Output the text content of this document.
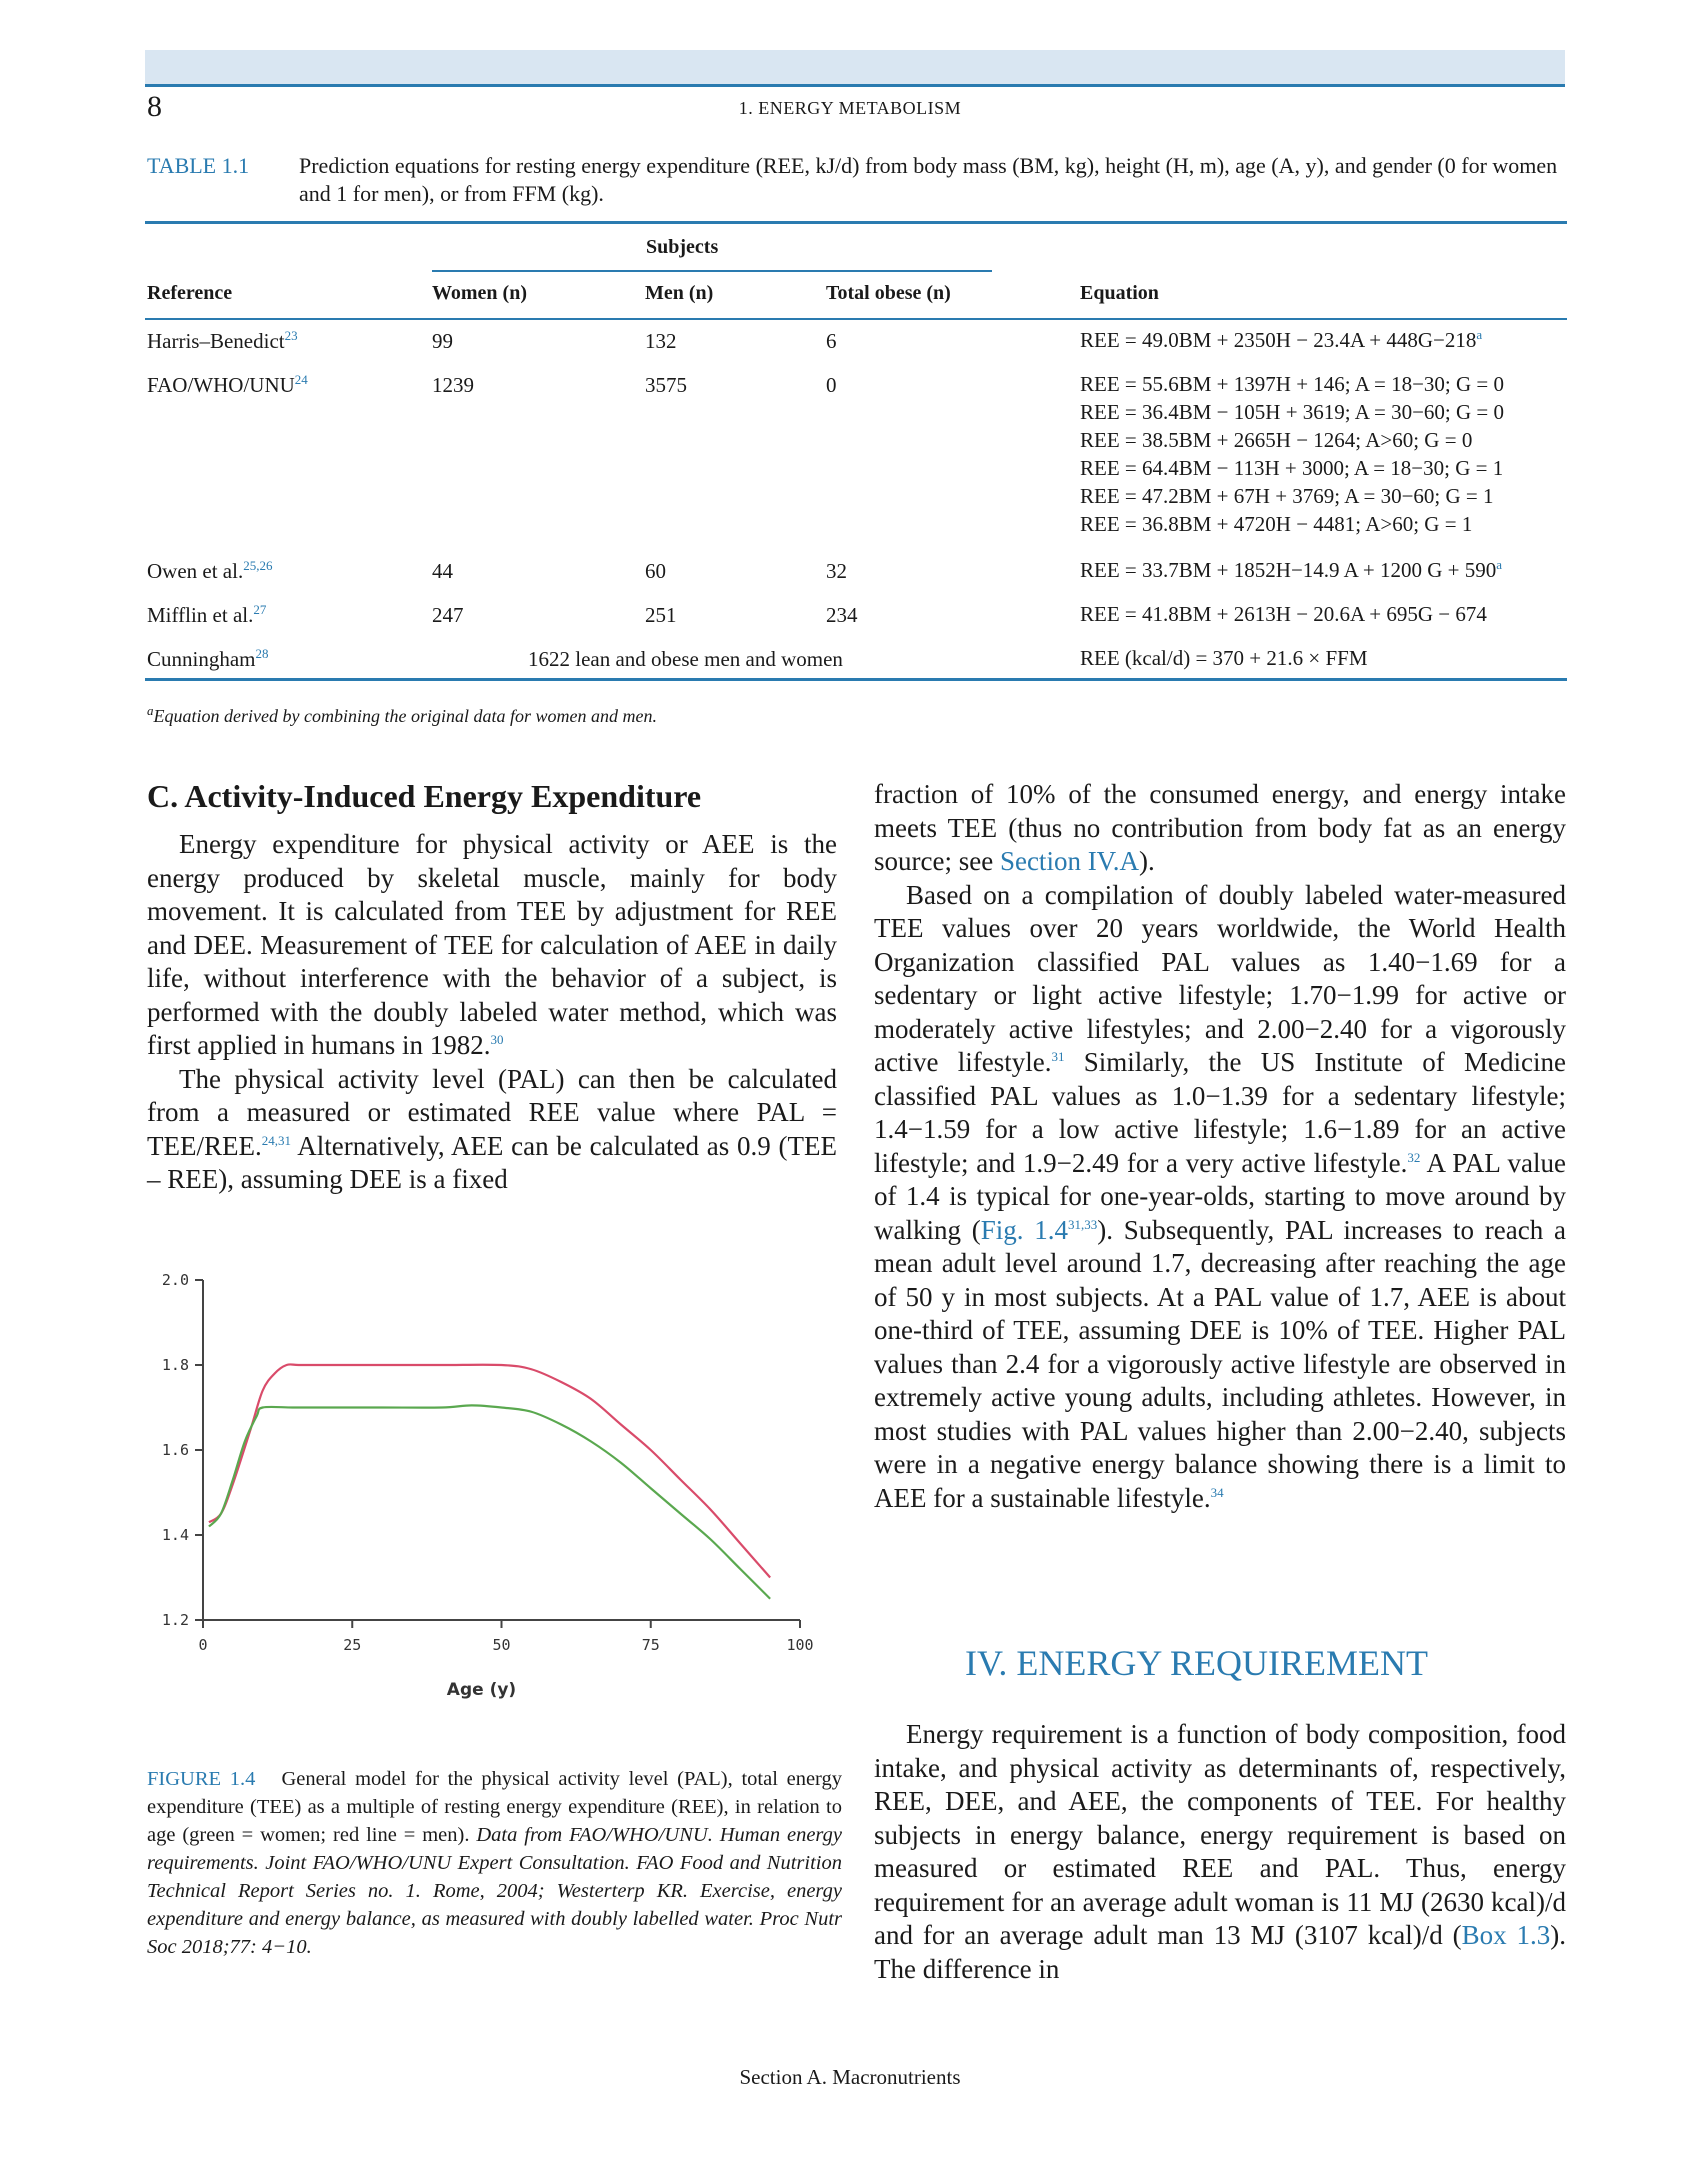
8	1. ENERGY METABOLISM
TABLE 1.1 Prediction equations for resting energy expenditure (REE, kJ/d) from body mass (BM, kg), height (H, m), age (A, y), and gender (0 for women and 1 for men), or from FFM (kg).
Subjects
Reference	Women (n)	Men (n)	Total obese (n)	Equation
Harris–Benedict$^{23}$	99	132	6	REE = $49.0BM + 2350H - 23.4A + 448G-218^a$
FAO/WHO/UNU$^{24}$	1239	3575	0	REE = 55.6BM + 1397H + 146; A = 18−30; G = 0
REE = 36.4BM − 105H + 3619; A = 30−60; G = 0
REE = 38.5BM + 2665H − 1264; A>60; G = 0
REE = 64.4BM − 113H + 3000; A = 18−30; G = 1
REE = 47.2BM + 67H + 3769; A = 30−60; G = 1
REE = 36.8BM + 4720H − 4481; A>60; G = 1
Owen et al.$^{25,26}$	44	60	32	REE = 33.7BM + 1852H−14.9 A + 1200 $G + 590^a$
Mifflin et al.$^{27}$	247	251	234	REE = 41.8BM + 2613H − 20.6A + 695G − 674
Cunningham$^{28}$	1622 lean and obese men and women	REE (kcal/d) = 370 + 21.6 × FFM
$^a$Equation derived by combining the original data for women and men.
C. Activity-Induced Energy Expenditure

Energy expenditure for physical activity or AEE is the energy produced by skeletal muscle, mainly for body movement. It is calculated from TEE by adjustment for REE and DEE. Measurement of TEE for calculation of AEE in daily life, without interference with the behavior of a subject, is performed with the doubly labeled water method, which was first applied in humans in 1982.30

The physical activity level (PAL) can then be calculated from a measured or estimated REE value where PAL = TEE/REE.$^{24,31}$ Alternatively, AEE can be calculated as 0.9 (TEE – REE), assuming DEE is a fixed

fraction of 10% of the consumed energy, and energy intake meets TEE (thus no contribution from body fat as an energy source; see Section IV.A).

Based on a compilation of doubly labeled water-measured TEE values over 20 years worldwide, the World Health Organization classified PAL values as 1.40−1.69 for a sedentary or light active lifestyle; 1.70−1.99 for active or moderately active lifestyles; and 2.00−2.40 for a vigorously active lifestyle.$^{31}$ Similarly, the US Institute of Medicine classified PAL values as 1.0−1.39 for a sedentary lifestyle; 1.4−1.59 for a low active lifestyle; 1.6−1.89 for an active lifestyle; and 1.9−2.49 for a very active lifestyle.$^{32}$ A PAL value of 1.4 is typical for one-year-olds, starting to move around by walking (Fig. 1.4$^{31,33}$). Subsequently, PAL increases to reach a mean adult level around 1.7, decreasing after reaching the age of 50 y in most subjects. At a PAL value of 1.7, AEE is about one-third of TEE, assuming DEE is 10% of TEE. Higher PAL values than 2.4 for a vigorously active lifestyle are observed in extremely active young adults, including athletes. However, in most studies with PAL values higher than 2.00−2.40, subjects were in a negative energy balance showing there is a limit to AEE for a sustainable lifestyle.$^{34}$

IV. ENERGY REQUIREMENT

Energy requirement is a function of body composition, food intake, and physical activity as determinants of, respectively, REE, DEE, and AEE, the components of TEE. For healthy subjects in energy balance, energy requirement is based on measured or estimated REE and PAL. Thus, energy requirement for an average adult woman is 11 MJ (2630 kcal)/d and for an average adult man 13 MJ (3107 kcal)/d (Box 1.3). The difference in

1.2
1.4
1.6
1.8
2.0
0	25	50	75	100
Age (y)
FIGURE 1.4 General model for the physical activity level (PAL), total energy expenditure (TEE) as a multiple of resting energy expenditure (REE), in relation to age (green = women; red line = men). Data from FAO/WHO/UNU. Human energy requirements. Joint FAO/WHO/UNU Expert Consultation. FAO Food and Nutrition Technical Report Series no. 1. Rome, 2004; Westerterp KR. Exercise, energy expenditure and energy balance, as measured with doubly labelled water. Proc Nutr Soc 2018;77: 4−10.
Section A. Macronutrients
